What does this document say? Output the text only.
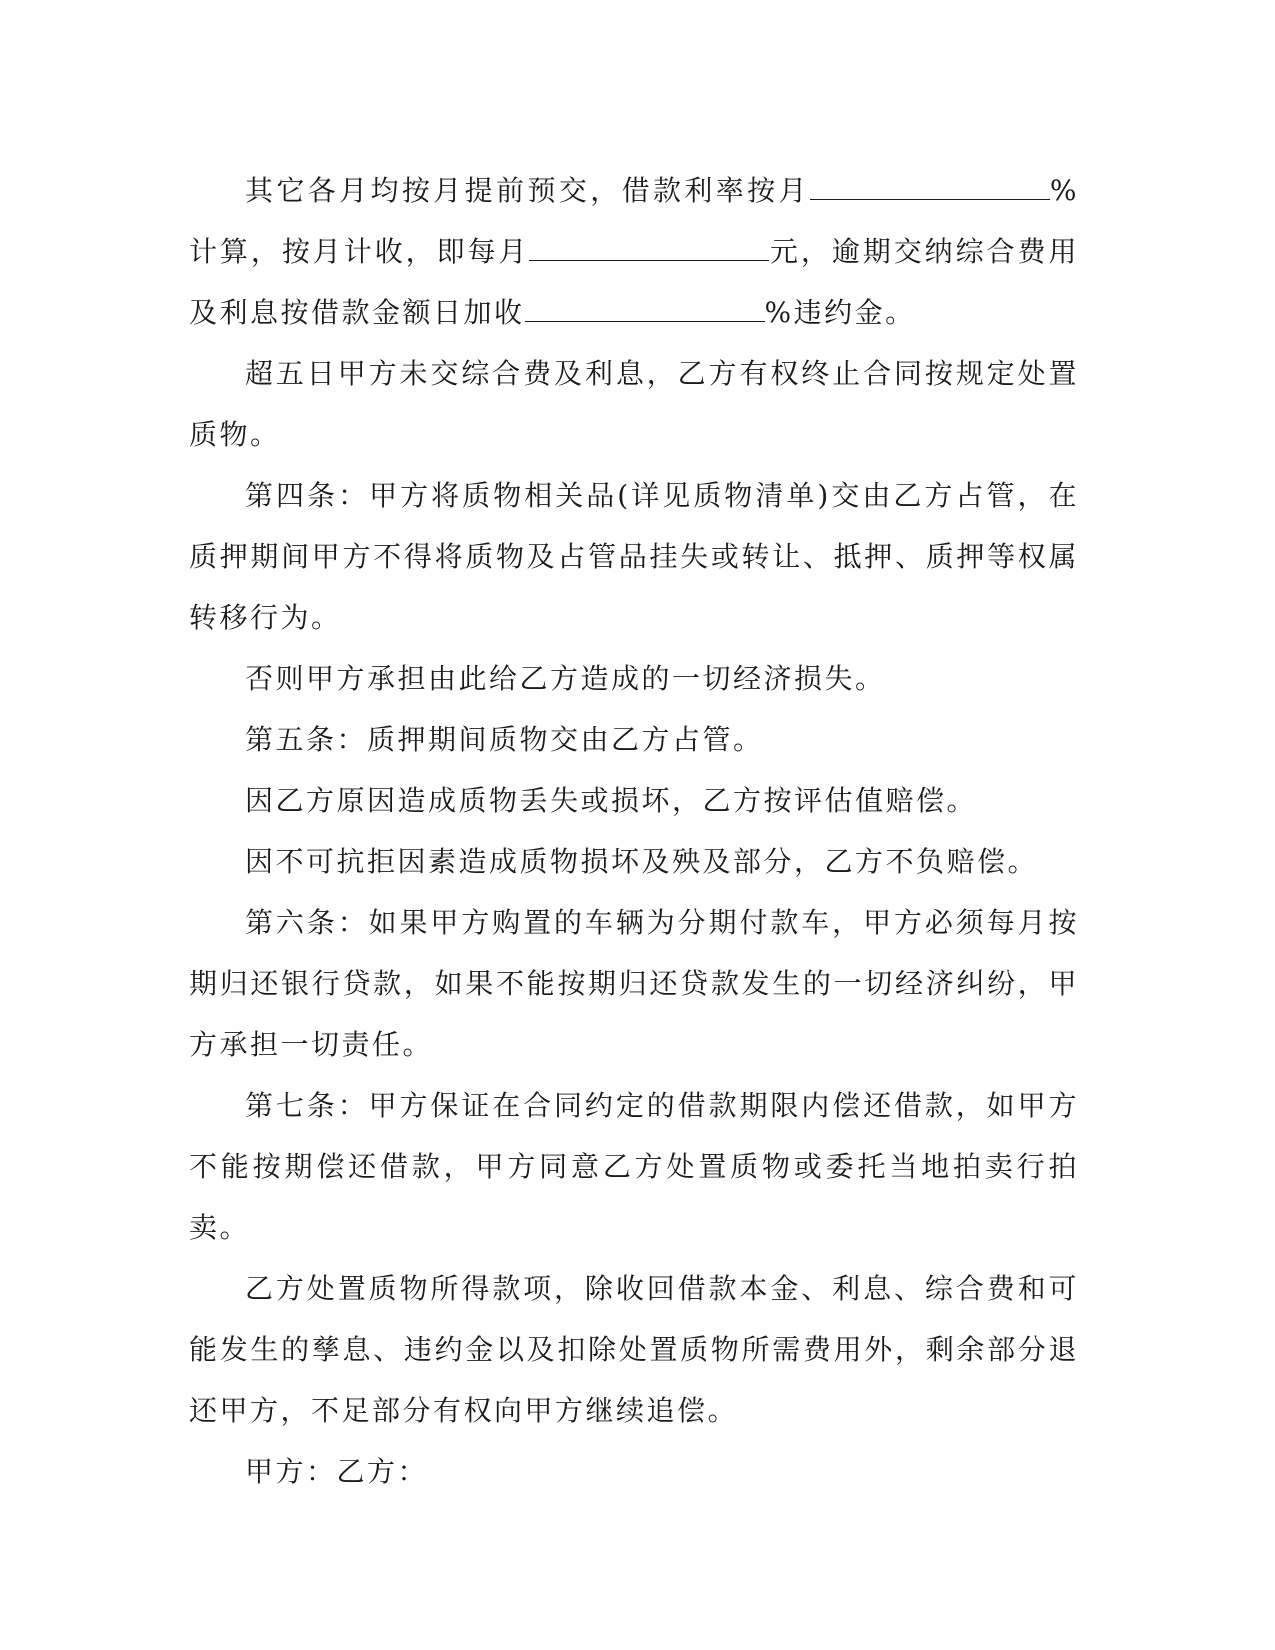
其它各月均按月提前预交，借款利率按月	%计算，按月计收，即每月	元，逾期交纳综合费用及利息按借款金额日加收	%违约金。

超五日甲方未交综合费及利息，乙方有权终止合同按规定处置质物。

第四条：甲方将质物相关品(详见质物清单)交由乙方占管，在质押期间甲方不得将质物及占管品挂失或转让、抵押、质押等权属转移行为。

否则甲方承担由此给乙方造成的一切经济损失。

第五条：质押期间质物交由乙方占管。

因乙方原因造成质物丢失或损坏，乙方按评估值赔偿。

因不可抗拒因素造成质物损坏及殃及部分，乙方不负赔偿。

第六条：如果甲方购置的车辆为分期付款车，甲方必须每月按期归还银行贷款，如果不能按期归还贷款发生的一切经济纠纷，甲方承担一切责任。

第七条：甲方保证在合同约定的借款期限内偿还借款，如甲方不能按期偿还借款，甲方同意乙方处置质物或委托当地拍卖行拍卖。

乙方处置质物所得款项，除收回借款本金、利息、综合费和可能发生的孳息、违约金以及扣除处置质物所需费用外，剩余部分退还甲方，不足部分有权向甲方继续追偿。

甲方：乙方：
